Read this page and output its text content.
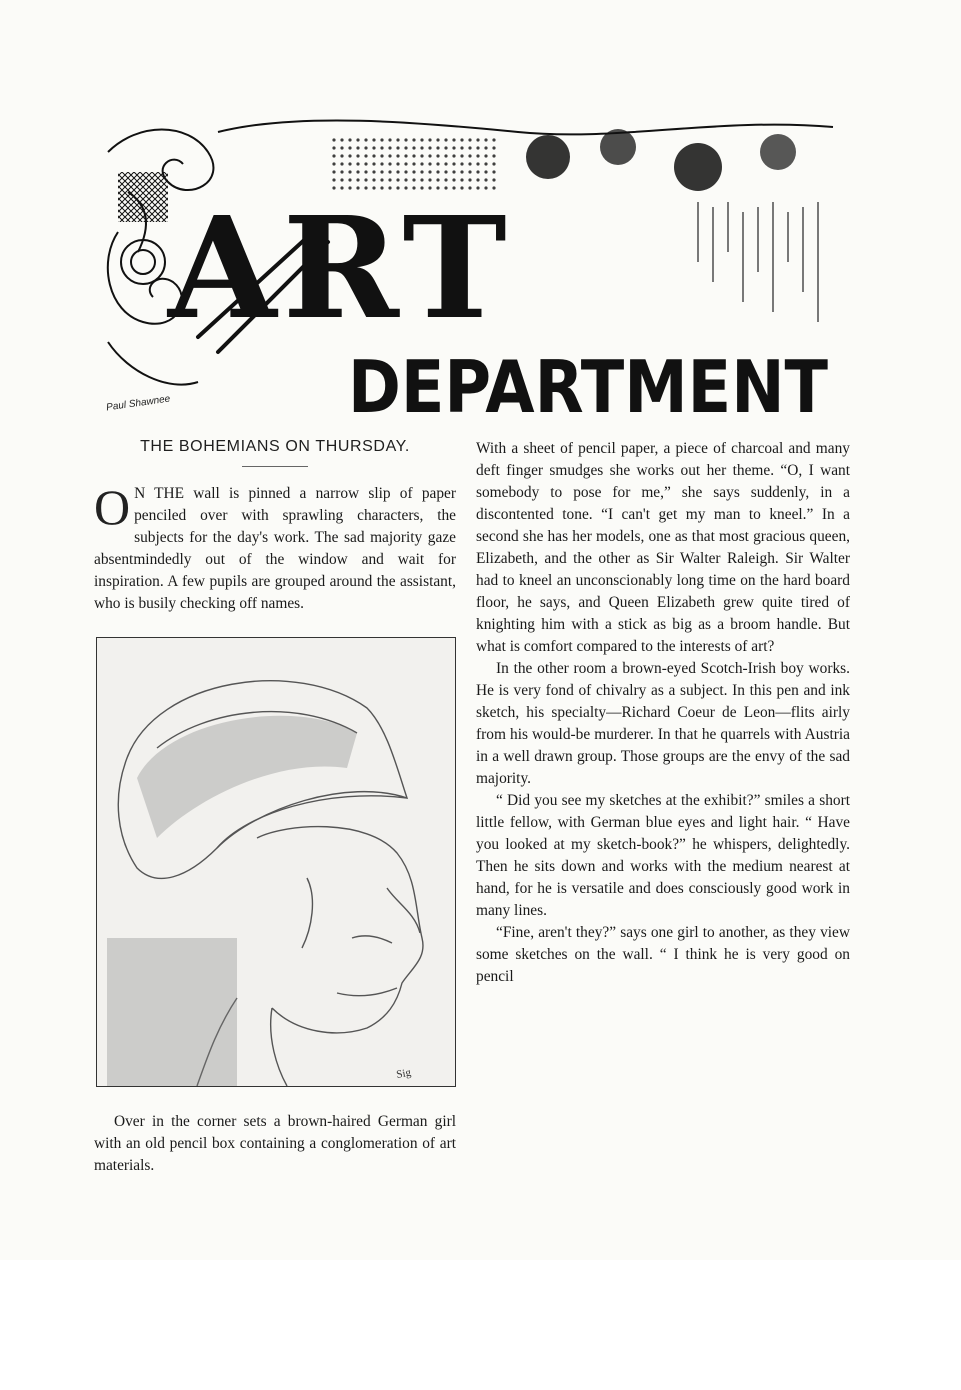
ART
DEPARTMENT
Paul Shawnee
THE BOHEMIANS ON THURSDAY.

O N THE wall is pinned a narrow slip of paper penciled over with sprawling characters, the subjects for the day's work. The sad majority gaze absentmindedly out of the window and wait for inspiration. A few pupils are grouped around the assistant, who is busily checking off names.

Sig

Over in the corner sets a brown-haired German girl with an old pencil box containing a conglomeration of art materials.

With a sheet of pencil paper, a piece of charcoal and many deft finger smudges she works out her theme. “O, I want somebody to pose for me,” she says suddenly, in a discontented tone. “I can't get my man to kneel.” In a second she has her models, one as that most gracious queen, Elizabeth, and the other as Sir Walter Raleigh. Sir Walter had to kneel an unconscionably long time on the hard board floor, he says, and Queen Elizabeth grew quite tired of knighting him with a stick as big as a broom handle. But what is comfort compared to the interests of art?

In the other room a brown-eyed Scotch-Irish boy works. He is very fond of chivalry as a subject. In this pen and ink sketch, his specialty—Richard Coeur de Leon—flits airly from his would-be murderer. In that he quarrels with Austria in a well drawn group. Those groups are the envy of the sad majority.

“ Did you see my sketches at the exhibit?” smiles a short little fellow, with German blue eyes and light hair. “ Have you looked at my sketch-book?” he whispers, delightedly. Then he sits down and works with the medium nearest at hand, for he is versatile and does consciously good work in many lines.

“Fine, aren't they?” says one girl to another, as they view some sketches on the wall. “ I think he is very good on pencil
